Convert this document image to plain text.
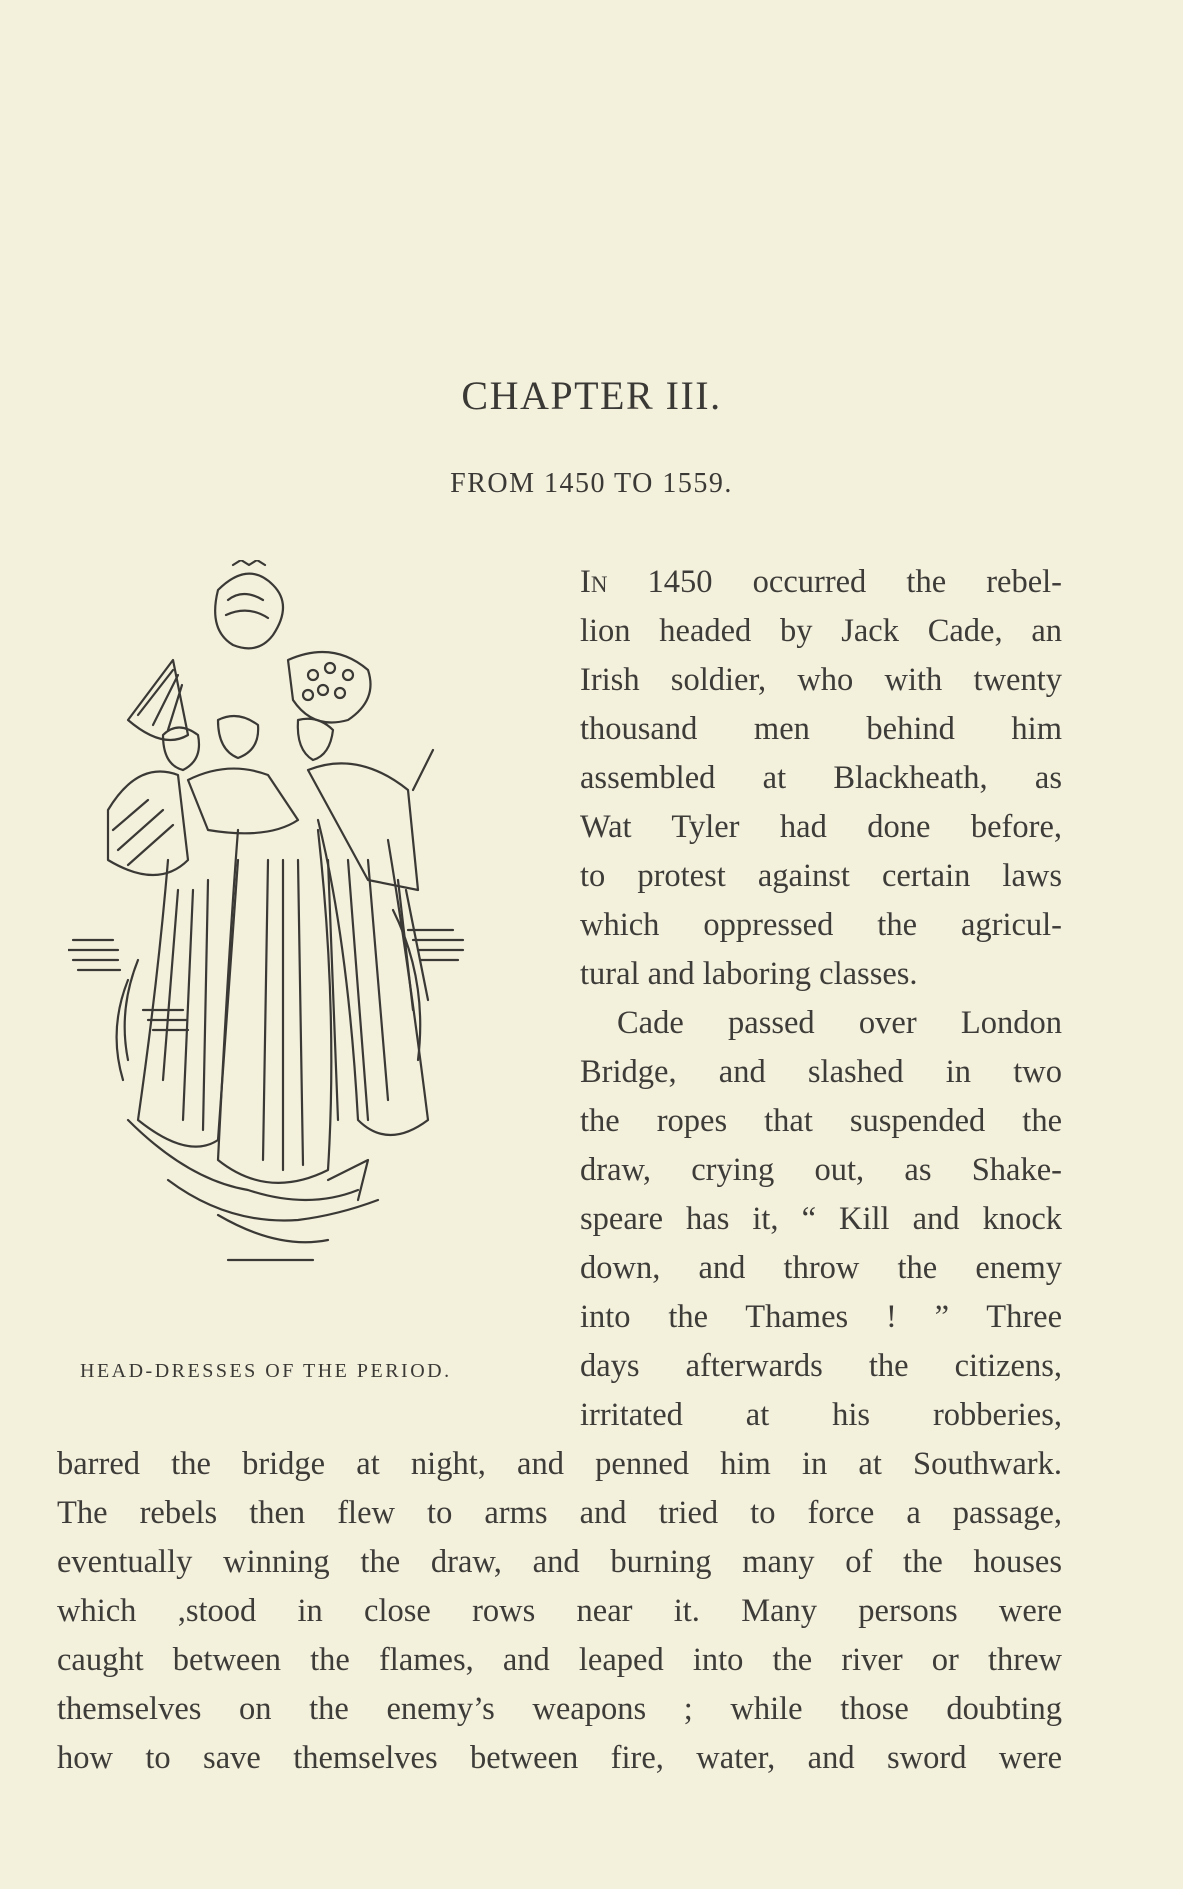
CHAPTER III.
FROM 1450 TO 1559.
HEAD-DRESSES OF THE PERIOD.
In 1450 occurred the rebel-
lion headed by Jack Cade, an
Irish soldier, who with twenty
thousand men behind him
assembled at Blackheath, as
Wat Tyler had done before,
to protest against certain laws
which oppressed the agricul-
tural and laboring classes.
Cade passed over London
Bridge, and slashed in two
the ropes that suspended the
draw, crying out, as Shake-
speare has it, “ Kill and knock
down, and throw the enemy
into the Thames ! ” Three
days afterwards the citizens,
irritated at his robberies,
barred the bridge at night, and penned him in at Southwark.
The rebels then flew to arms and tried to force a passage,
eventually winning the draw, and burning many of the houses
which ,stood in close rows near it. Many persons were
caught between the flames, and leaped into the river or threw
themselves on the enemy’s weapons ; while those doubting
how to save themselves between fire, water, and sword were
